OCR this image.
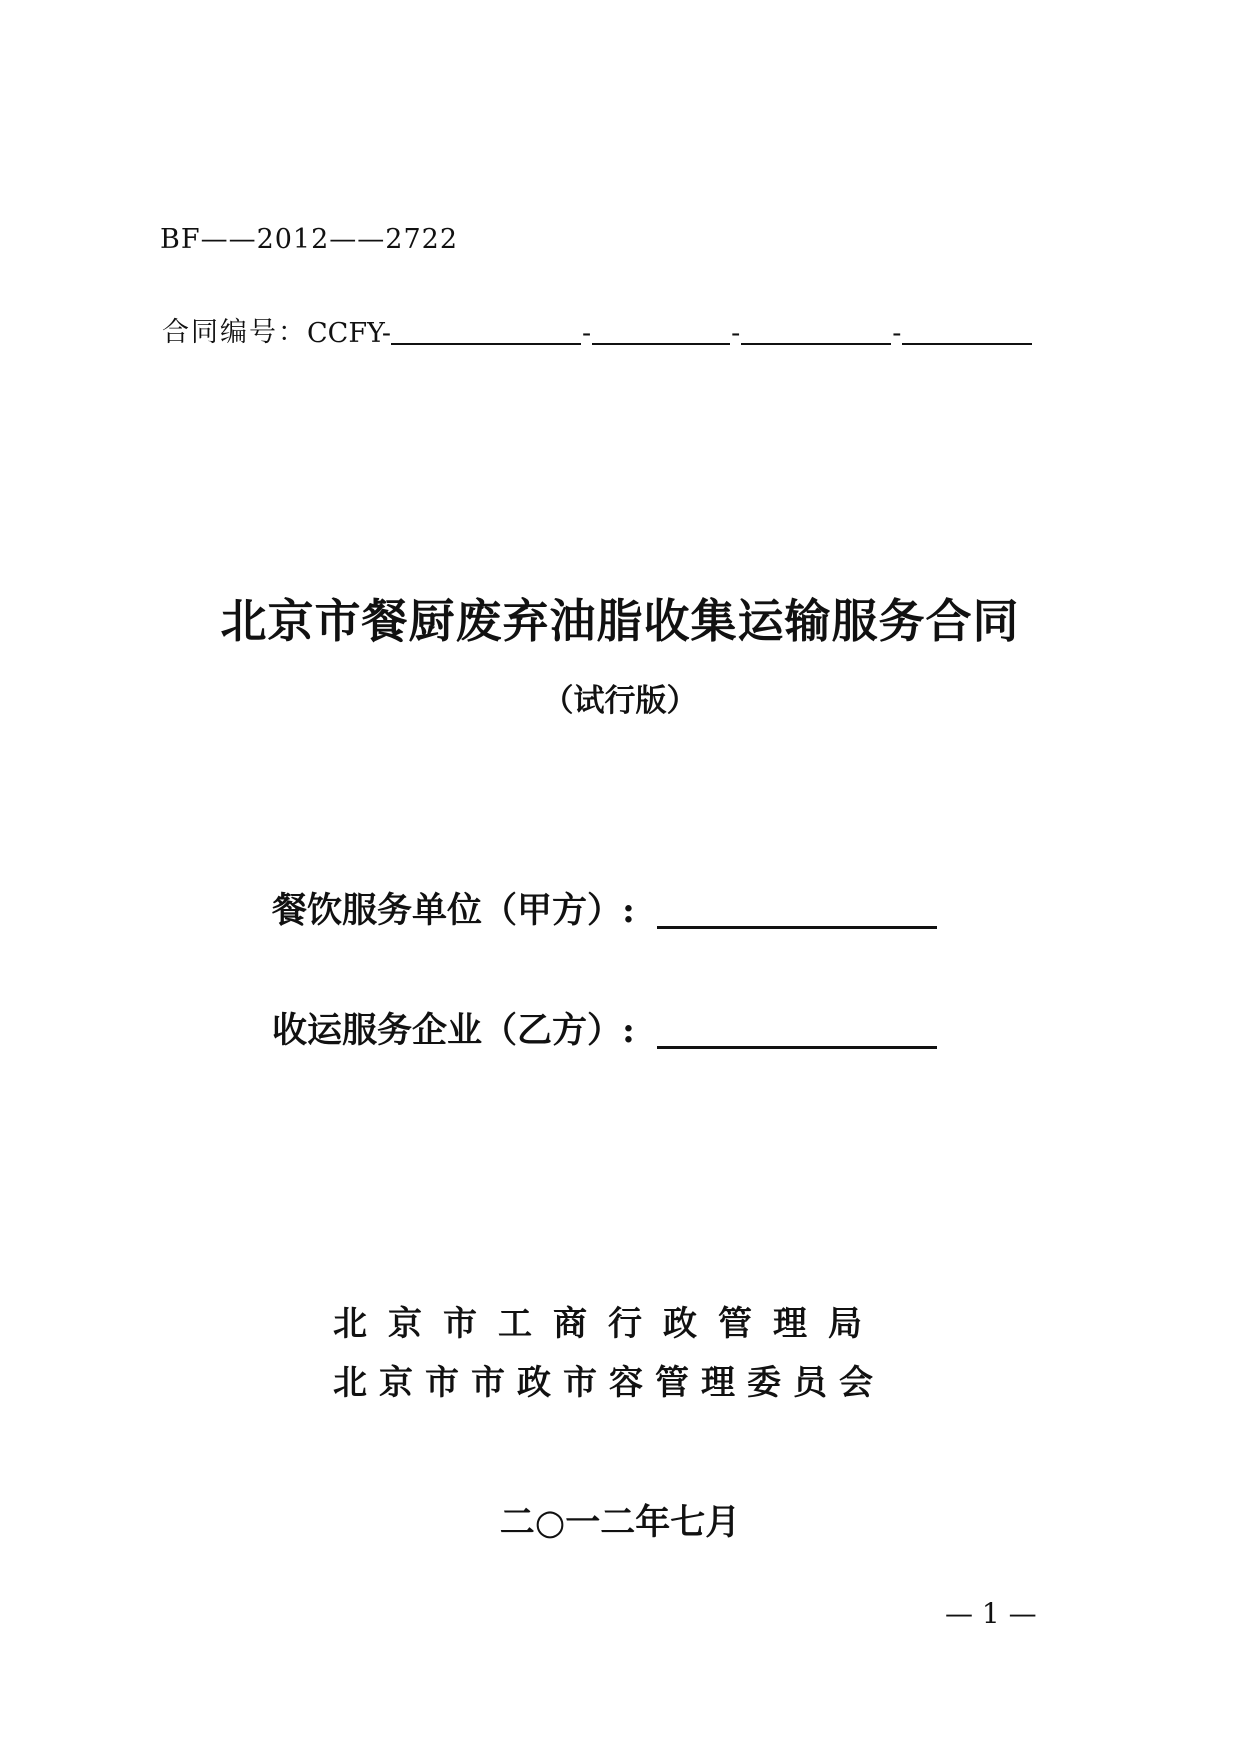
BF——2012——2722
合同编号： CCFY-	-	-	-
北京市餐厨废弃油脂收集运输服务合同
（试行版）
餐饮服务单位（甲方）:
收运服务企业（乙方）:
北京市工商行政管理局
北京市市政市容管理委员会
二○一二年七月
— 1 —
